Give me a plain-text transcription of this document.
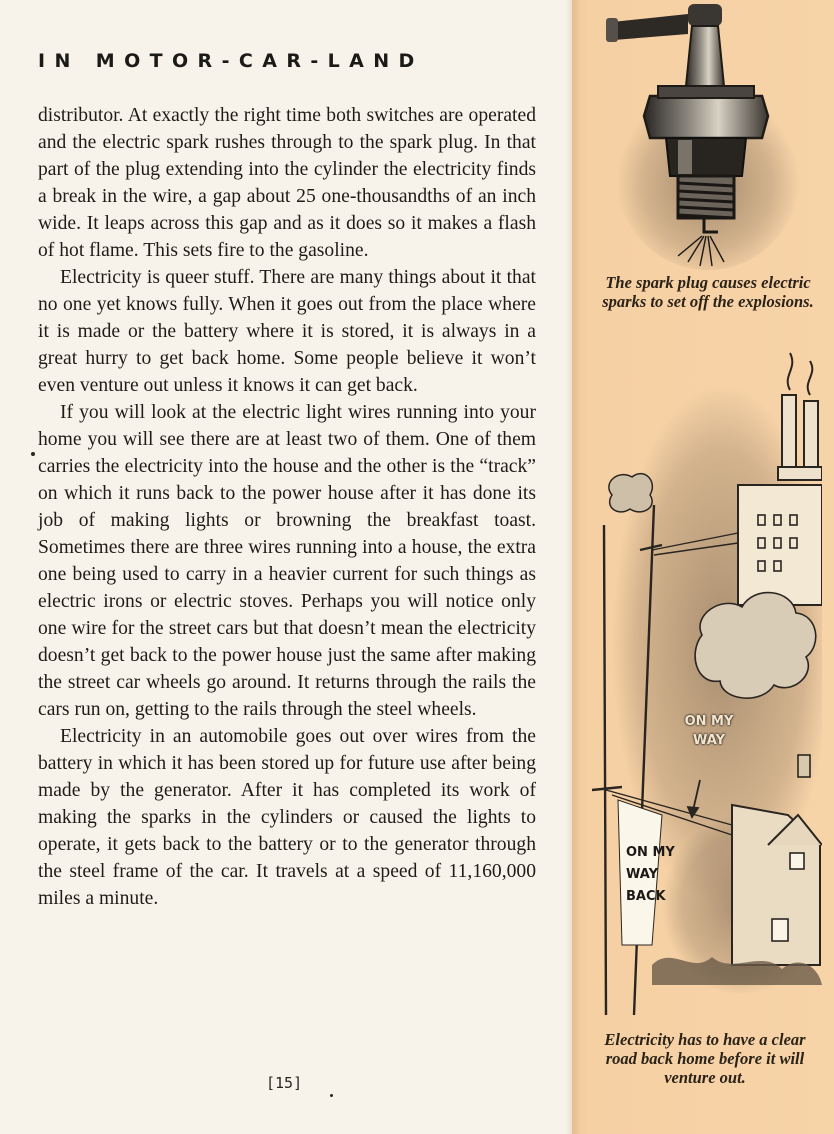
IN MOTOR-CAR-LAND

distributor. At exactly the right time both switches are operated and the electric spark rushes through to the spark plug. In that part of the plug extending into the cylinder the electricity finds a break in the wire, a gap about 25 one-thousandths of an inch wide. It leaps across this gap and as it does so it makes a flash of hot flame. This sets fire to the gasoline.

Electricity is queer stuff. There are many things about it that no one yet knows fully. When it goes out from the place where it is made or the battery where it is stored, it is always in a great hurry to get back home. Some people believe it won’t even venture out unless it knows it can get back.

If you will look at the electric light wires running into your home you will see there are at least two of them. One of them carries the electricity into the house and the other is the “track” on which it runs back to the power house after it has done its job of making lights or browning the breakfast toast. Sometimes there are three wires running into a house, the extra one being used to carry in a heavier current for such things as electric irons or electric stoves. Perhaps you will notice only one wire for the street cars but that doesn’t mean the electricity doesn’t get back to the power house just the same after making the street car wheels go around. It returns through the rails the cars run on, getting to the rails through the steel wheels.

Electricity in an automobile goes out over wires from the battery in which it has been stored up for future use after being made by the generator. After it has completed its work of making the sparks in the cylinders or caused the lights to operate, it gets back to the battery or to the generator through the steel frame of the car. It travels at a speed of 11,160,000 miles a minute.

[15]
The spark plug causes electric sparks to set off the explosions.
ON MY WAY
ON MY WAY BACK
Electricity has to have a clear road back home before it will venture out.
